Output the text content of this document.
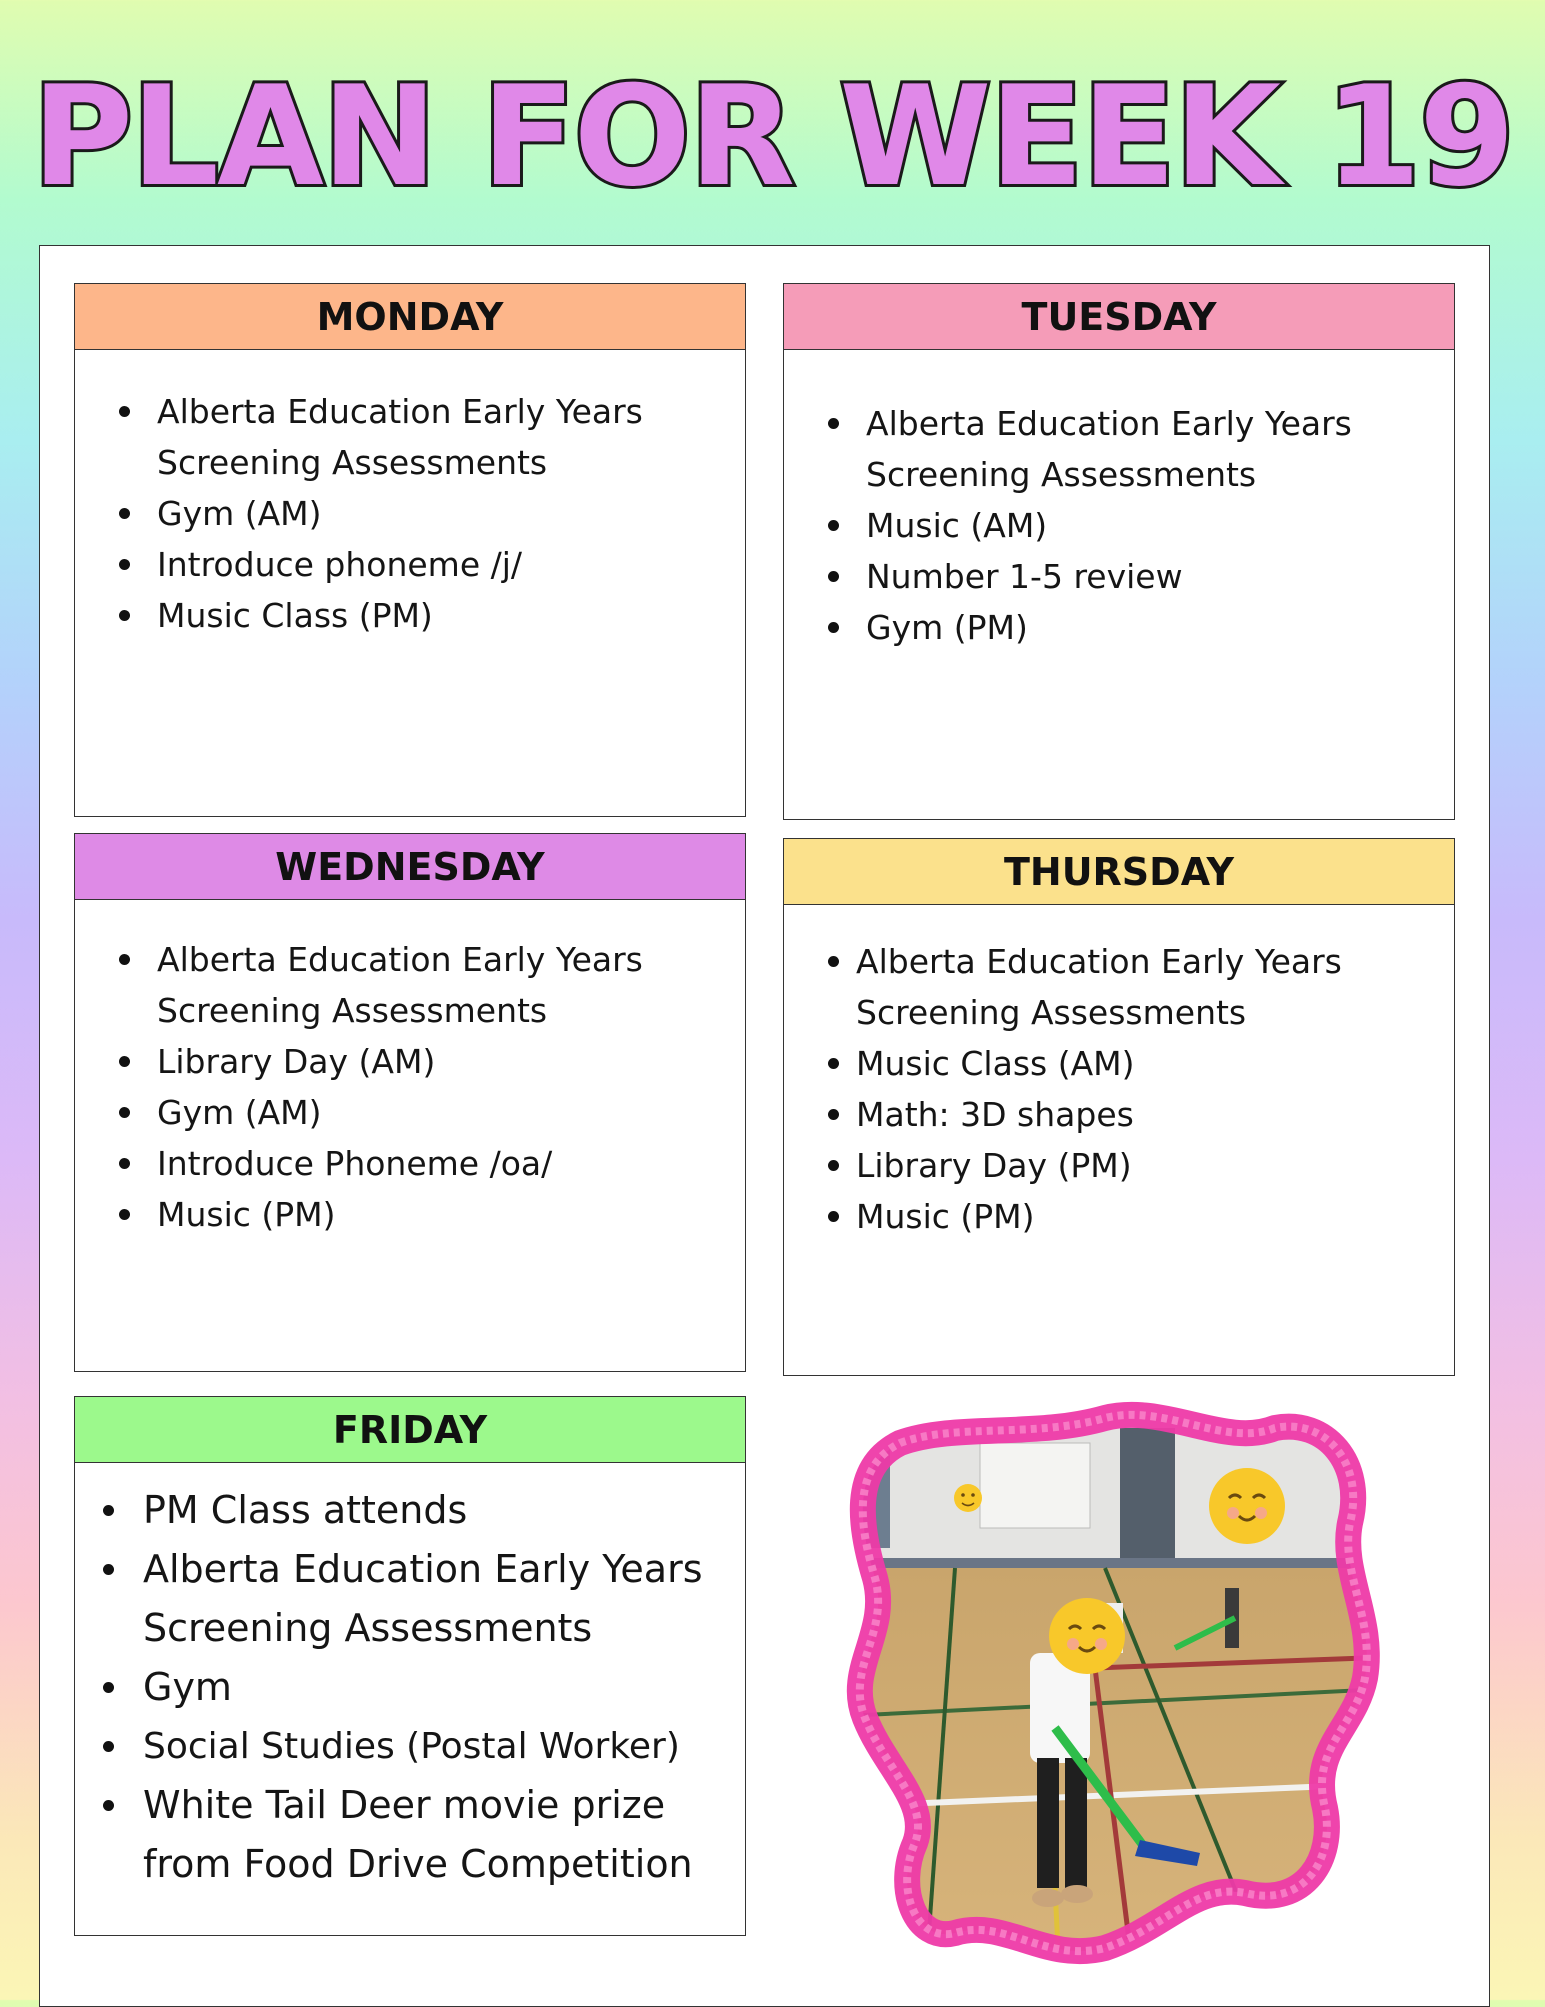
PLAN FOR WEEK 19
MONDAY
Alberta Education Early Years Screening Assessments
Gym (AM)
Introduce phoneme /j/
Music Class (PM)
TUESDAY
Alberta Education Early Years Screening Assessments
Music (AM)
Number 1-5 review
Gym (PM)
WEDNESDAY
Alberta Education Early Years Screening Assessments
Library Day (AM)
Gym (AM)
Introduce Phoneme /oa/
Music (PM)
THURSDAY
Alberta Education Early Years Screening Assessments
Music Class (AM)
Math: 3D shapes
Library Day (PM)
Music (PM)
FRIDAY
PM Class attends
Alberta Education Early Years Screening Assessments
Gym
Social Studies (Postal Worker)
White Tail Deer movie prize from Food Drive Competition
